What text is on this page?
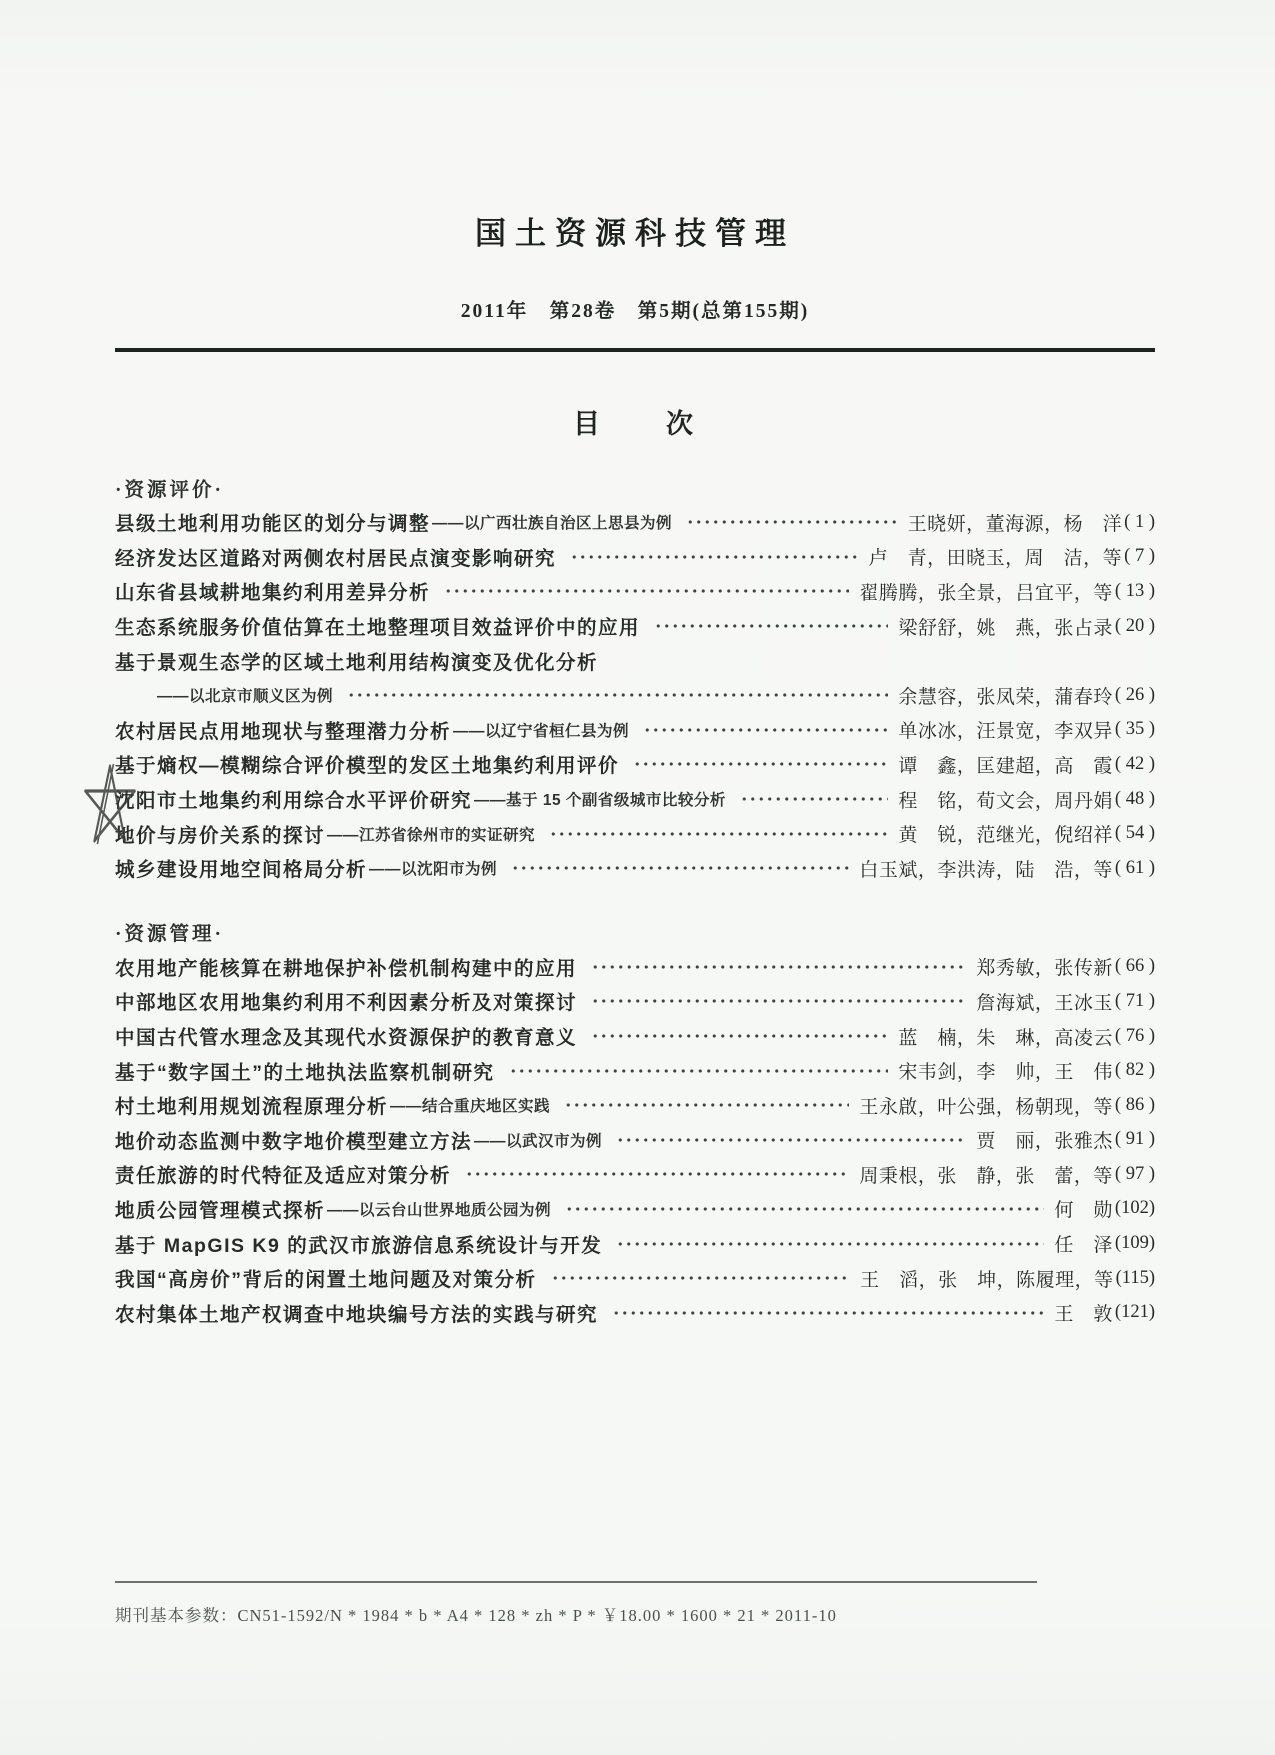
国土资源科技管理
2011年　第28卷　第5期(总第155期)
目　　次
·资源评价·
县级土地利用功能区的划分与调整 ——以广西壮族自治区上思县为例	王晓妍，董海源，杨　洋 ( 1 )
经济发达区道路对两侧农村居民点演变影响研究	卢　青，田晓玉，周　洁，等 ( 7 )
山东省县域耕地集约利用差异分析	翟腾腾，张全景，吕宜平，等 ( 13 )
生态系统服务价值估算在土地整理项目效益评价中的应用	梁舒舒，姚　燕，张占录 ( 20 )
基于景观生态学的区域土地利用结构演变及优化分析
——以北京市顺义区为例	余慧容，张凤荣，蒲春玲 ( 26 )
农村居民点用地现状与整理潜力分析 ——以辽宁省桓仁县为例	单冰冰，汪景宽，李双异 ( 35 )
基于熵权—模糊综合评价模型的发区土地集约利用评价	谭　鑫，匡建超，高　霞 ( 42 )
沈阳市土地集约利用综合水平评价研究 ——基于 15 个副省级城市比较分析	程　铭，荀文会，周丹娟 ( 48 )
地价与房价关系的探讨 ——江苏省徐州市的实证研究	黄　锐，范继光，倪绍祥 ( 54 )
城乡建设用地空间格局分析 ——以沈阳市为例	白玉斌，李洪涛，陆　浩，等 ( 61 )
·资源管理·
农用地产能核算在耕地保护补偿机制构建中的应用	郑秀敏，张传新 ( 66 )
中部地区农用地集约利用不利因素分析及对策探讨	詹海斌，王冰玉 ( 71 )
中国古代管水理念及其现代水资源保护的教育意义	蓝　楠，朱　琳，高凌云 ( 76 )
基于“数字国土”的土地执法监察机制研究	宋韦剑，李　帅，王　伟 ( 82 )
村土地利用规划流程原理分析 ——结合重庆地区实践	王永啟，叶公强，杨朝现，等 ( 86 )
地价动态监测中数字地价模型建立方法 ——以武汉市为例	贾　丽，张雅杰 ( 91 )
责任旅游的时代特征及适应对策分析	周秉根，张　静，张　蕾，等 ( 97 )
地质公园管理模式探析 ——以云台山世界地质公园为例	何　勋 (102)
基于 MapGIS K9 的武汉市旅游信息系统设计与开发	任　泽 (109)
我国“高房价”背后的闲置土地问题及对策分析	王　滔，张　坤，陈履理，等 (115)
农村集体土地产权调查中地块编号方法的实践与研究	王　敦 (121)
期刊基本参数：CN51-1592/N * 1984 * b * A4 * 128 * zh * P * ￥18.00 * 1600 * 21 * 2011-10
